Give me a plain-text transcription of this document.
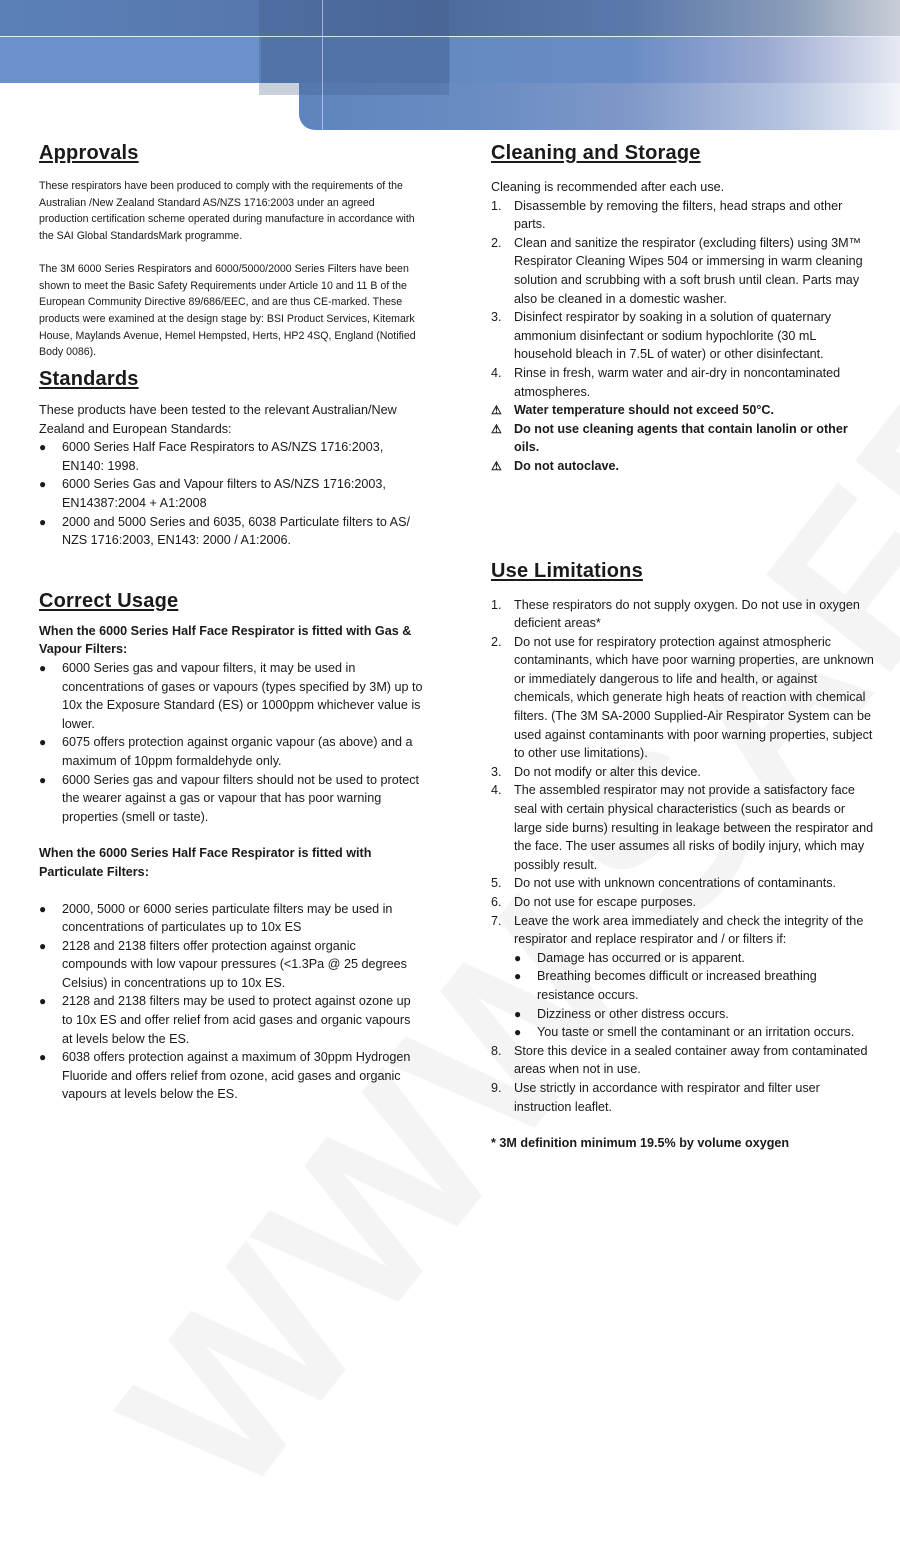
Approvals

These respirators have been produced to comply with the requirements of the Australian /New Zealand Standard AS/NZS 1716:2003 under an agreed production certification scheme operated during manufacture in accordance with the SAI Global StandardsMark programme.

The 3M 6000 Series Respirators and 6000/5000/2000 Series Filters have been shown to meet the Basic Safety Requirements under Article 10 and 11 B of the European Community Directive 89/686/EEC, and are thus CE-marked. These products were examined at the design stage by: BSI Product Services, Kitemark House, Maylands Avenue, Hemel Hempsted, Herts, HP2 4SQ, England (Notified Body 0086).

Standards

These products have been tested to the relevant Australian/New Zealand and European Standards:

● 6000 Series Half Face Respirators to AS/NZS 1716:2003, EN140: 1998.
● 6000 Series Gas and Vapour filters to AS/NZS 1716:2003, EN14387:2004 + A1:2008
● 2000 and 5000 Series and 6035, 6038 Particulate filters to AS/ NZS 1716:2003, EN143: 2000 / A1:2006.
Correct Usage

When the 6000 Series Half Face Respirator is fitted with Gas & Vapour Filters:

● 6000 Series gas and vapour filters, it may be used in concentrations of gases or vapours (types specified by 3M) up to 10x the Exposure Standard (ES) or 1000ppm whichever value is lower.
● 6075 offers protection against organic vapour (as above) and a maximum of 10ppm formaldehyde only.
● 6000 Series gas and vapour filters should not be used to protect the wearer against a gas or vapour that has poor warning properties (smell or taste).

When the 6000 Series Half Face Respirator is fitted with Particulate Filters:

● 2000, 5000 or 6000 series particulate filters may be used in concentrations of particulates up to 10x ES
● 2128 and 2138 filters offer protection against organic compounds with low vapour pressures (<1.3Pa @ 25 degrees Celsius) in concentrations up to 10x ES.
● 2128 and 2138 filters may be used to protect against ozone up to 10x ES and offer relief from acid gases and organic vapours at levels below the ES.
● 6038 offers protection against a maximum of 30ppm Hydrogen Fluoride and offers relief from ozone, acid gases and organic vapours at levels below the ES.
Cleaning and Storage

Cleaning is recommended after each use.

1. Disassemble by removing the filters, head straps and other parts.
2. Clean and sanitize the respirator (excluding filters) using 3M™ Respirator Cleaning Wipes 504 or immersing in warm cleaning solution and scrubbing with a soft brush until clean. Parts may also be cleaned in a domestic washer.
3. Disinfect respirator by soaking in a solution of quaternary ammonium disinfectant or sodium hypochlorite (30 mL household bleach in 7.5L of water) or other disinfectant.
4. Rinse in fresh, warm water and air-dry in noncontaminated atmospheres.
⚠ Water temperature should not exceed 50°C.
⚠ Do not use cleaning agents that contain lanolin or other oils.
⚠ Do not autoclave.
Use Limitations
1. These respirators do not supply oxygen. Do not use in oxygen deficient areas*
2. Do not use for respiratory protection against atmospheric contaminants, which have poor warning properties, are unknown or immediately dangerous to life and health, or against chemicals, which generate high heats of reaction with chemical filters. (The 3M SA-2000 Supplied-Air Respirator System can be used against contaminants with poor warning properties, subject to other use limitations).
3. Do not modify or alter this device.
4. The assembled respirator may not provide a satisfactory face seal with certain physical characteristics (such as beards or large side burns) resulting in leakage between the respirator and the face. The user assumes all risks of bodily injury, which may possibly result.
5. Do not use with unknown concentrations of contaminants.
6. Do not use for escape purposes.
7. Leave the work area immediately and check the integrity of the respirator and replace respirator and / or filters if:
● Damage has occurred or is apparent.
● Breathing becomes difficult or increased breathing resistance occurs.
● Dizziness or other distress occurs.
● You taste or smell the contaminant or an irritation occurs.
8. Store this device in a sealed container away from contaminated areas when not in use.
9. Use strictly in accordance with respirator and filter user instruction leaflet.

* 3M definition minimum 19.5% by volume oxygen
